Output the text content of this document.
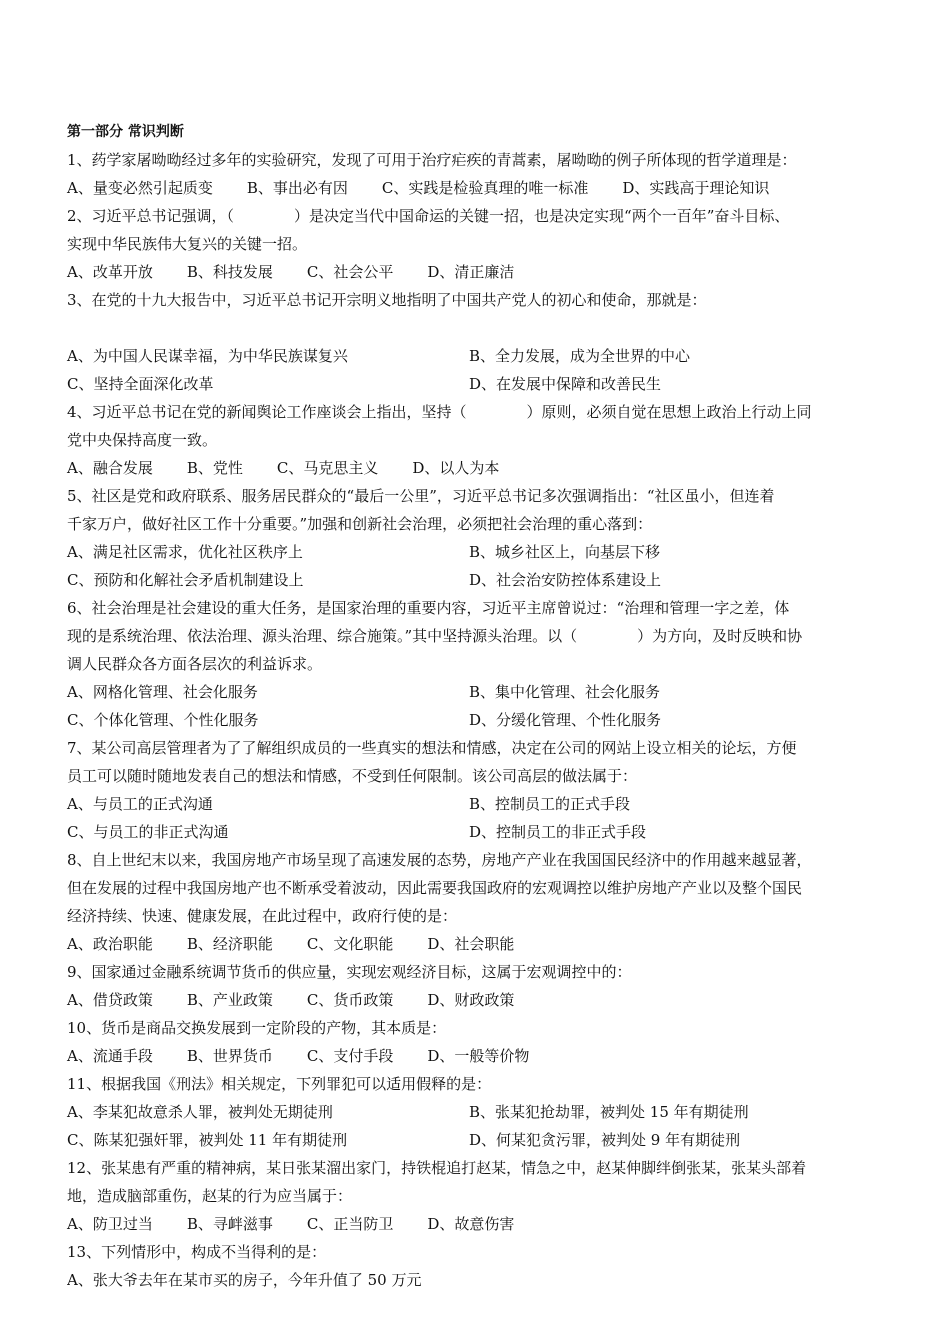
第一部分 常识判断
1、药学家屠呦呦经过多年的实验研究，发现了可用于治疗疟疾的青蒿素，屠呦呦的例子所体现的哲学道理是：
A、量变必然引起质变 B、事出必有因 C、实践是检验真理的唯一标准 D、实践高于理论知识
2、习近平总书记强调，（　　　　）是决定当代中国命运的关键一招，也是决定实现“两个一百年”奋斗目标、
实现中华民族伟大复兴的关键一招。
A、改革开放 B、科技发展 C、社会公平 D、清正廉洁
3、在党的十九大报告中，习近平总书记开宗明义地指明了中国共产党人的初心和使命，那就是：
A、为中国人民谋幸福，为中华民族谋复兴	B、全力发展，成为全世界的中心
C、坚持全面深化改革	D、在发展中保障和改善民生
4、习近平总书记在党的新闻舆论工作座谈会上指出，坚持（　　　　）原则，必须自觉在思想上政治上行动上同
党中央保持高度一致。
A、融合发展 B、党性 C、马克思主义 D、以人为本
5、社区是党和政府联系、服务居民群众的“最后一公里”，习近平总书记多次强调指出：“社区虽小，但连着
千家万户，做好社区工作十分重要。”加强和创新社会治理，必须把社会治理的重心落到：
A、满足社区需求，优化社区秩序上	B、城乡社区上，向基层下移
C、预防和化解社会矛盾机制建设上	D、社会治安防控体系建设上
6、社会治理是社会建设的重大任务，是国家治理的重要内容，习近平主席曾说过：“治理和管理一字之差，体
现的是系统治理、依法治理、源头治理、综合施策。”其中坚持源头治理。以（　　　　）为方向，及时反映和协
调人民群众各方面各层次的利益诉求。
A、网格化管理、社会化服务	B、集中化管理、社会化服务
C、个体化管理、个性化服务	D、分缓化管理、个性化服务
7、某公司高层管理者为了了解组织成员的一些真实的想法和情感，决定在公司的网站上设立相关的论坛，方便
员工可以随时随地发表自己的想法和情感，不受到任何限制。该公司高层的做法属于：
A、与员工的正式沟通	B、控制员工的正式手段
C、与员工的非正式沟通	D、控制员工的非正式手段
8、自上世纪末以来，我国房地产市场呈现了高速发展的态势，房地产产业在我国国民经济中的作用越来越显著，
但在发展的过程中我国房地产也不断承受着波动，因此需要我国政府的宏观调控以维护房地产产业以及整个国民
经济持续、快速、健康发展，在此过程中，政府行使的是：
A、政治职能 B、经济职能 C、文化职能 D、社会职能
9、国家通过金融系统调节货币的供应量，实现宏观经济目标，这属于宏观调控中的：
A、借贷政策 B、产业政策 C、货币政策 D、财政政策
10、货币是商品交换发展到一定阶段的产物，其本质是：
A、流通手段 B、世界货币 C、支付手段 D、一般等价物
11、根据我国《刑法》相关规定，下列罪犯可以适用假释的是：
A、李某犯故意杀人罪，被判处无期徒刑	B、张某犯抢劫罪，被判处 15 年有期徒刑
C、陈某犯强奸罪，被判处 11 年有期徒刑	D、何某犯贪污罪，被判处 9 年有期徒刑
12、张某患有严重的精神病，某日张某溜出家门，持铁棍追打赵某，情急之中，赵某伸脚绊倒张某，张某头部着
地，造成脑部重伤，赵某的行为应当属于：
A、防卫过当 B、寻衅滋事 C、正当防卫 D、故意伤害
13、下列情形中，构成不当得利的是：
A、张大爷去年在某市买的房子，今年升值了 50 万元
